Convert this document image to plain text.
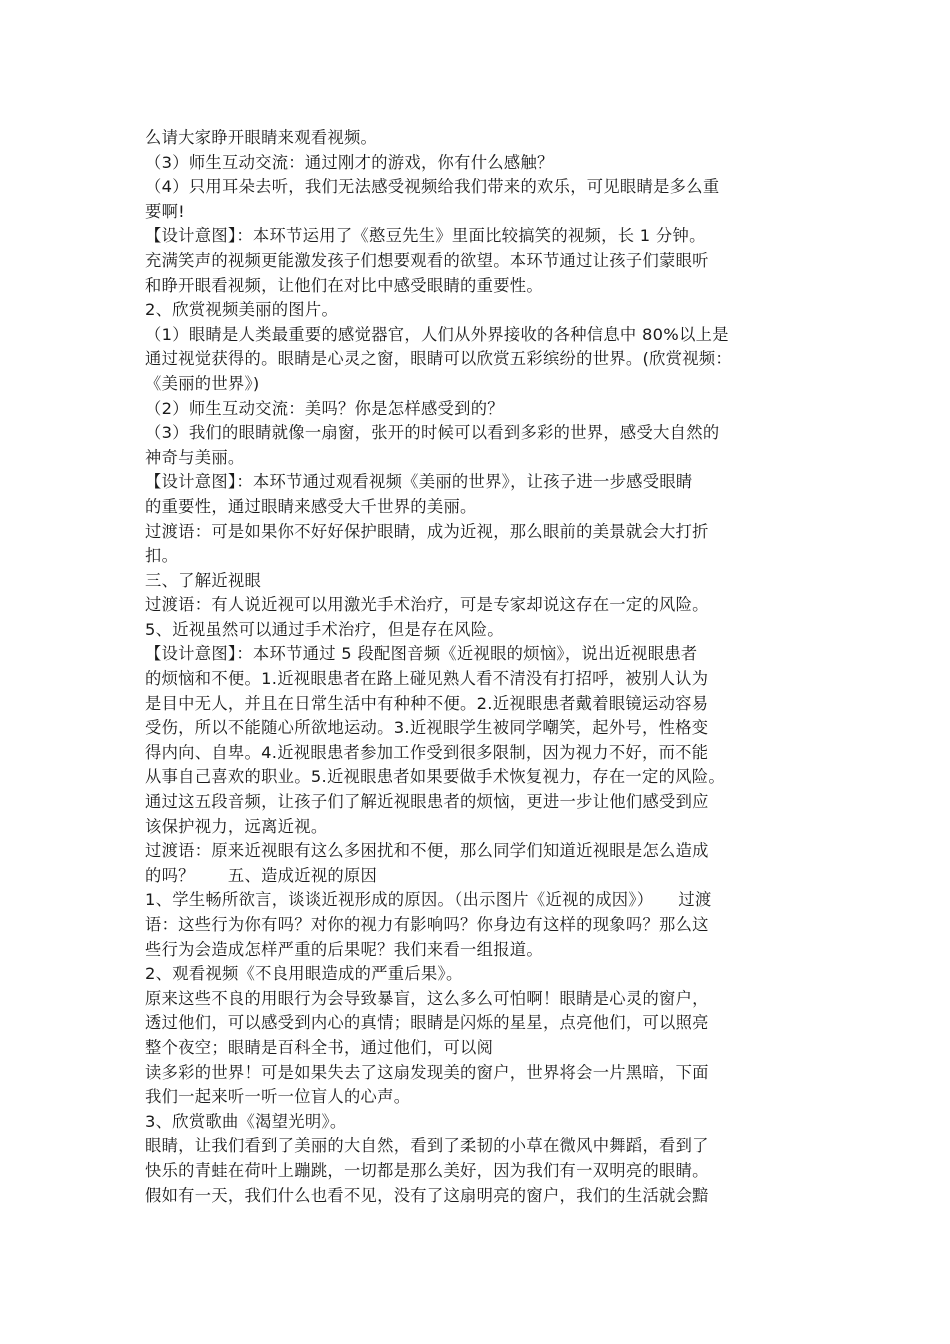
么请大家睁开眼睛来观看视频。
（3）师生互动交流：通过刚才的游戏，你有什么感触？
（4）只用耳朵去听，我们无法感受视频给我们带来的欢乐，可见眼睛是多么重
要啊!
【设计意图】：本环节运用了《憨豆先生》里面比较搞笑的视频，长 1 分钟。
充满笑声的视频更能激发孩子们想要观看的欲望。本环节通过让孩子们蒙眼听
和睁开眼看视频，让他们在对比中感受眼睛的重要性。
2、欣赏视频美丽的图片。
（1）眼睛是人类最重要的感觉器官，人们从外界接收的各种信息中 80%以上是
通过视觉获得的。眼睛是心灵之窗，眼睛可以欣赏五彩缤纷的世界。(欣赏视频：
《美丽的世界》)
（2）师生互动交流：美吗？你是怎样感受到的？
（3）我们的眼睛就像一扇窗，张开的时候可以看到多彩的世界，感受大自然的
神奇与美丽。
【设计意图】：本环节通过观看视频《美丽的世界》，让孩子进一步感受眼睛
的重要性，通过眼睛来感受大千世界的美丽。
过渡语：可是如果你不好好保护眼睛，成为近视，那么眼前的美景就会大打折
扣。
三、了解近视眼
过渡语：有人说近视可以用激光手术治疗，可是专家却说这存在一定的风险。
5、近视虽然可以通过手术治疗，但是存在风险。
【设计意图】：本环节通过 5 段配图音频《近视眼的烦恼》，说出近视眼患者
的烦恼和不便。1.近视眼患者在路上碰见熟人看不清没有打招呼，被别人认为
是目中无人，并且在日常生活中有种种不便。2.近视眼患者戴着眼镜运动容易
受伤，所以不能随心所欲地运动。3.近视眼学生被同学嘲笑，起外号，性格变
得内向、自卑。4.近视眼患者参加工作受到很多限制，因为视力不好，而不能
从事自己喜欢的职业。5.近视眼患者如果要做手术恢复视力，存在一定的风险。
通过这五段音频，让孩子们了解近视眼患者的烦恼，更进一步让他们感受到应
该保护视力，远离近视。
过渡语：原来近视眼有这么多困扰和不便，那么同学们知道近视眼是怎么造成
的吗？　　五、造成近视的原因
1、学生畅所欲言，谈谈近视形成的原因。（出示图片《近视的成因》）　　过渡
语：这些行为你有吗？对你的视力有影响吗？你身边有这样的现象吗？那么这
些行为会造成怎样严重的后果呢？我们来看一组报道。
2、观看视频《不良用眼造成的严重后果》。
原来这些不良的用眼行为会导致暴盲，这么多么可怕啊！眼睛是心灵的窗户，
透过他们，可以感受到内心的真情；眼睛是闪烁的星星，点亮他们，可以照亮
整个夜空；眼睛是百科全书，通过他们，可以阅
读多彩的世界！可是如果失去了这扇发现美的窗户，世界将会一片黑暗，下面
我们一起来听一听一位盲人的心声。
3、欣赏歌曲《渴望光明》。
眼睛，让我们看到了美丽的大自然，看到了柔韧的小草在微风中舞蹈，看到了
快乐的青蛙在荷叶上蹦跳，一切都是那么美好，因为我们有一双明亮的眼睛。
假如有一天，我们什么也看不见，没有了这扇明亮的窗户，我们的生活就会黯
